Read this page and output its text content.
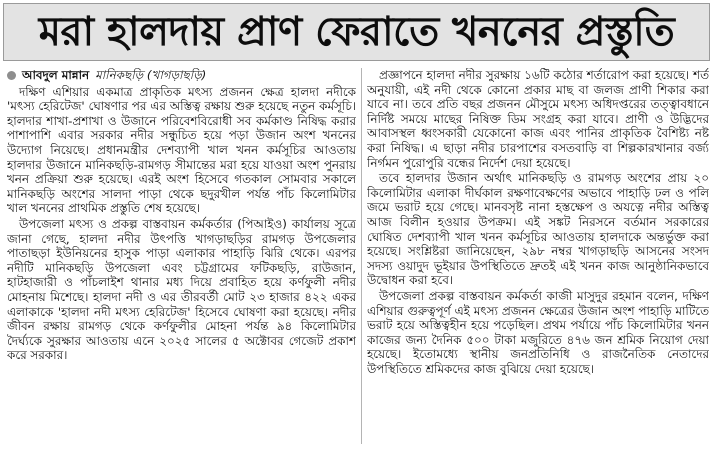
মরা হালদায় প্রাণ ফেরাতে খননের প্রস্তুতি
আবদুল মান্নান মানিকছড়ি (খাগড়াছড়ি)

দক্ষিণ এশিয়ার একমাত্র প্রাকৃতিক মৎস্য প্রজনন ক্ষেত্র হালদা নদীকে 'মৎস্য হেরিটেজ' ঘোষণার পর এর অস্তিত্ব রক্ষায় শুরু হয়েছে নতুন কর্মসূচি। হালদার শাখা-প্রশাখা ও উজানে পরিবেশবিরোধী সব কর্মকাণ্ড নিষিদ্ধ করার পাশাপাশি এবার সরকার নদীর সন্ধুচিত হয়ে পড়া উজান অংশ খননের উদ্যোগ নিয়েছে। প্রধানমন্ত্রীর দেশব্যাপী খাল খনন কর্মসূচির আওতায় হালদার উজানে মানিকছড়ি-রামগড় সীমান্তের মরা হয়ে যাওয়া অংশ পুনরায় খনন প্রক্রিয়া শুরু হয়েছে। এরই অংশ হিসেবে গতকাল সোমবার সকালে মানিকছড়ি অংশের সালদা পাড়া থেকে ছদুরখীল পর্যন্ত পাঁচ কিলোমিটার খাল খননের প্রাথমিক প্রস্তুতি শেষ হয়েছে।

উপজেলা মৎস্য ও প্রকল্প বাস্তবায়ন কর্মকর্তার (পিআইও) কার্যালয় সূত্রে জানা গেছে, হালদা নদীর উৎপত্তি খাগড়াছড়ির রামগড় উপজেলার পাতাছড়া ইউনিয়নের হাসুক পাড়া এলাকার পাহাড়ি ঝিরি থেকে। এরপর নদীটি মানিকছড়ি উপজেলা এবং চট্টগ্রামের ফটিকছড়ি, রাউজান, হাটহাজারী ও পাঁচলাইশ থানার মধ্য দিয়ে প্রবাহিত হয়ে কর্ণফুলী নদীর মোহনায় মিশেছে। হালদা নদী ও এর তীরবর্তী মোট ২৩ হাজার ৪২২ একর এলাকাকে 'হালদা নদী মৎস্য হেরিটেজ' হিসেবে ঘোষণা করা হয়েছে। নদীর জীবন রক্ষায় রামগড় থেকে কর্ণফুলীর মোহনা পর্যন্ত ৯৪ কিলোমিটার দৈর্ঘ্যকে সুরক্ষার আওতায় এনে ২০২৫ সালের ৫ অক্টোবর গেজেট প্রকাশ করে সরকার।

প্রজ্ঞাপনে হালদা নদীর সুরক্ষায় ১৬টি কঠোর শর্তারোপ করা হয়েছে। শর্ত অনুযায়ী, এই নদী থেকে কোনো প্রকার মাছ বা জলজ প্রাণী শিকার করা যাবে না। তবে প্রতি বছর প্রজনন মৌসুমে মৎস্য অধিদপ্তরের তত্ত্বাবধানে নির্দিষ্ট সময়ে মাছের নিষিক্ত ডিম সংগ্রহ করা যাবে। প্রাণী ও উদ্ভিদের আবাসস্থল ধ্বংসকারী যেকোনো কাজ এবং পানির প্রাকৃতিক বৈশিষ্ট্য নষ্ট করা নিষিদ্ধ। এ ছাড়া নদীর চারপাশের বসতবাড়ি বা শিল্পকারখানার বর্জ্য নির্গমন পুরোপুরি বন্ধের নির্দেশ দেয়া হয়েছে।

তবে হালদার উজান অর্থাৎ মানিকছড়ি ও রামগড় অংশের প্রায় ২০ কিলোমিটার এলাকা দীর্ঘকাল রক্ষণাবেক্ষণের অভাবে পাহাড়ি ঢল ও পলি জমে ভরাট হয়ে গেছে। মানবসৃষ্ট নানা হস্তক্ষেপ ও অযত্নে নদীর অস্তিত্ব আজ বিলীন হওয়ার উপক্রম। এই সঙ্কট নিরসনে বর্তমান সরকারের ঘোষিত দেশব্যাপী খাল খনন কর্মসূচির আওতায় হালদাকে অন্তর্ভুক্ত করা হয়েছে। সংশ্লিষ্টরা জানিয়েছেন, ২৯৮ নম্বর খাগড়াছড়ি আসনের সংসদ সদস্য ওয়াদুদ ভূইয়ার উপস্থিতিতে দ্রুতই এই খনন কাজ আনুষ্ঠানিকভাবে উদ্বোধন করা হবে।

উপজেলা প্রকল্প বাস্তবায়ন কর্মকর্তা কাজী মাসুদুর রহমান বলেন, দক্ষিণ এশিয়ার গুরুত্বপূর্ণ এই মৎস্য প্রজনন ক্ষেত্রের উজান অংশ পাহাড়ি মাটিতে ভরাট হয়ে অস্তিত্বহীন হয়ে পড়েছিল। প্রথম পর্যায়ে পাঁচ কিলোমিটার খনন কাজের জন্য দৈনিক ৫০০ টাকা মজুরিতে ৪৭৬ জন শ্রমিক নিয়োগ দেয়া হয়েছে। ইতোমধ্যে স্থানীয় জনপ্রতিনিধি ও রাজনৈতিক নেতাদের উপস্থিতিতে শ্রমিকদের কাজ বুঝিয়ে দেয়া হয়েছে।
